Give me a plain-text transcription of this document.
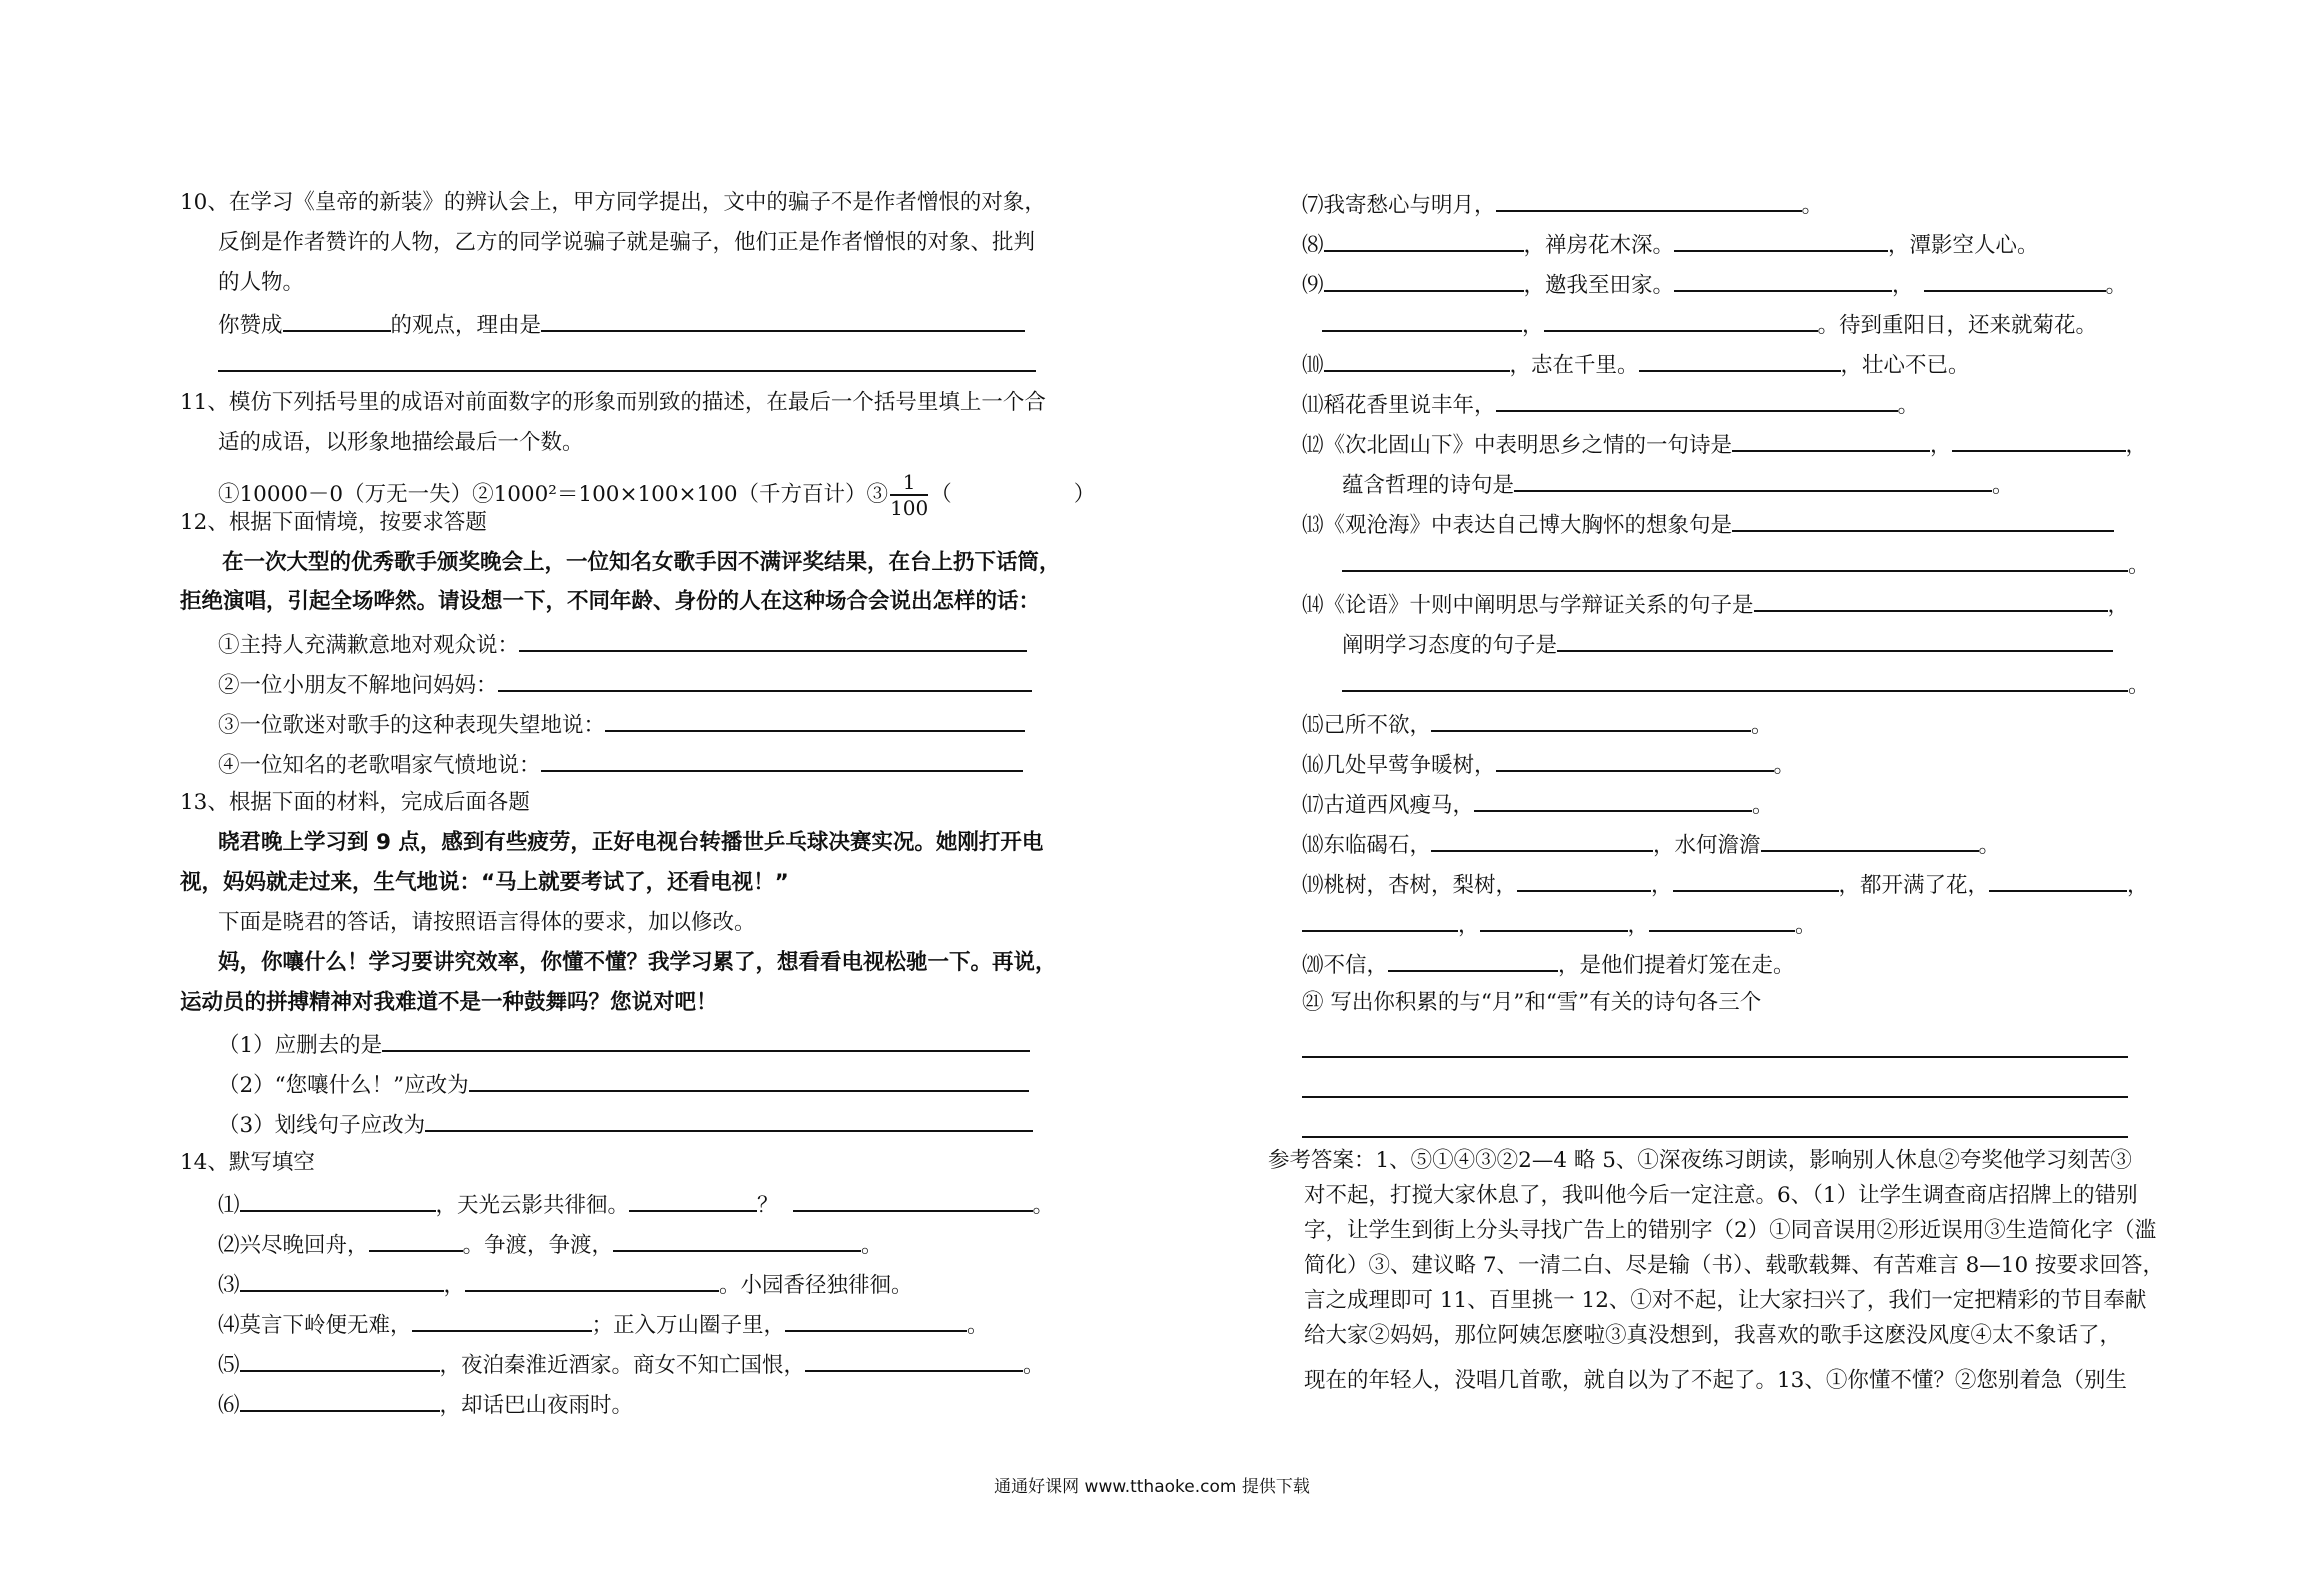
10、在学习《皇帝的新装》的辨认会上，甲方同学提出，文中的骗子不是作者憎恨的对象，
反倒是作者赞许的人物，乙方的同学说骗子就是骗子，他们正是作者憎恨的对象、批判
的人物。
你赞成	的观点，理由是
11、模仿下列括号里的成语对前面数字的形象而别致的描述，在最后一个括号里填上一个合
适的成语，以形象地描绘最后一个数。
①10000－0（万无一失）②1000²＝100×100×100（千方百计）③ $\frac{1}{100}$ （	）
12、根据下面情境，按要求答题
在一次大型的优秀歌手颁奖晚会上，一位知名女歌手因不满评奖结果，在台上扔下话筒，
拒绝演唱，引起全场哗然。请设想一下，不同年龄、身份的人在这种场合会说出怎样的话：
①主持人充满歉意地对观众说：
②一位小朋友不解地问妈妈：
③一位歌迷对歌手的这种表现失望地说：
④一位知名的老歌唱家气愤地说：
13、根据下面的材料，完成后面各题
晓君晚上学习到 9 点，感到有些疲劳，正好电视台转播世乒乓球决赛实况。她刚打开电
视，妈妈就走过来，生气地说：“马上就要考试了，还看电视！”
下面是晓君的答话，请按照语言得体的要求，加以修改。
妈，你嚷什么！学习要讲究效率，你懂不懂？我学习累了，想看看电视松驰一下。再说，
运动员的拼搏精神对我难道不是一种鼓舞吗？您说对吧！
（1）应删去的是
（2）“您嚷什么！”应改为
（3）划线句子应改为
14、默写填空
⑴	，天光云影共徘徊。	？	。
⑵兴尽晚回舟，	。争渡，争渡，	。
⑶	，	。小园香径独徘徊。
⑷莫言下岭便无难，	；正入万山圈子里，	。
⑸	，夜泊秦淮近酒家。商女不知亡国恨，	。
⑹	，却话巴山夜雨时。
⑺我寄愁心与明月，	。
⑻	，禅房花木深。	，潭影空人心。
⑼	，邀我至田家。	，	。
，	。待到重阳日，还来就菊花。
⑽	，志在千里。	，壮心不已。
⑾稻花香里说丰年，	。
⑿《次北固山下》中表明思乡之情的一句诗是	，	，
蕴含哲理的诗句是	。
⒀《观沧海》中表达自己博大胸怀的想象句是
。
⒁《论语》十则中阐明思与学辩证关系的句子是	，
阐明学习态度的句子是
。
⒂己所不欲，	。
⒃几处早莺争暖树，	。
⒄古道西风瘦马，	。
⒅东临碣石，	，水何澹澹	。
⒆桃树，杏树，梨树，	，	，都开满了花，	，
，	，	。
⒇不信，	，是他们提着灯笼在走。
㉑ 写出你积累的与“月”和“雪”有关的诗句各三个
参考答案：1、⑤①④③②2—4 略 5、①深夜练习朗读，影响别人休息②夸奖他学习刻苦③
对不起，打搅大家休息了，我叫他今后一定注意。6、（1）让学生调查商店招牌上的错别
字，让学生到街上分头寻找广告上的错别字（2）①同音误用②形近误用③生造简化字（滥
简化）③、建议略 7、一清二白、尽是输（书）、载歌载舞、有苦难言 8—10 按要求回答，
言之成理即可 11、百里挑一 12、①对不起，让大家扫兴了，我们一定把精彩的节目奉献
给大家②妈妈，那位阿姨怎麽啦③真没想到，我喜欢的歌手这麽没风度④太不象话了，
现在的年轻人，没唱几首歌，就自以为了不起了。13、①你懂不懂？②您别着急（别生
通通好课网 www.tthaoke.com 提供下载
